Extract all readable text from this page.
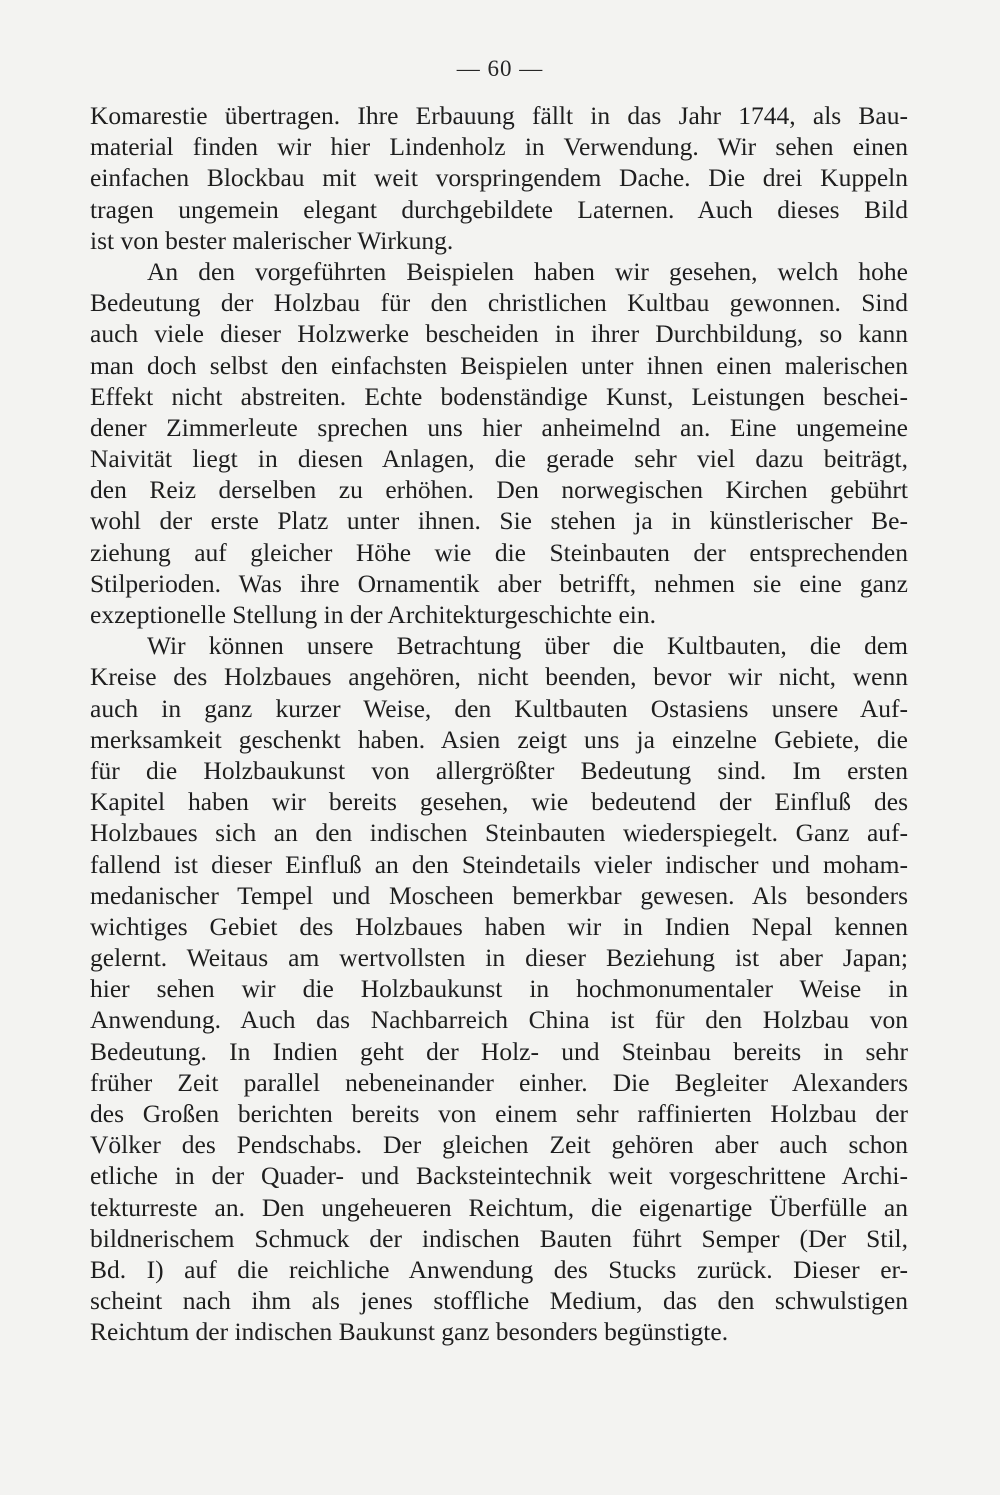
— 60 —
Komarestie übertragen. Ihre Erbauung fällt in das Jahr 1744, als Bau-
material finden wir hier Lindenholz in Verwendung. Wir sehen einen
einfachen Blockbau mit weit vorspringendem Dache. Die drei Kuppeln
tragen ungemein elegant durchgebildete Laternen. Auch dieses Bild
ist von bester malerischer Wirkung.
An den vorgeführten Beispielen haben wir gesehen, welch hohe
Bedeutung der Holzbau für den christlichen Kultbau gewonnen. Sind
auch viele dieser Holzwerke bescheiden in ihrer Durchbildung, so kann
man doch selbst den einfachsten Beispielen unter ihnen einen malerischen
Effekt nicht abstreiten. Echte bodenständige Kunst, Leistungen beschei-
dener Zimmerleute sprechen uns hier anheimelnd an. Eine ungemeine
Naivität liegt in diesen Anlagen, die gerade sehr viel dazu beiträgt,
den Reiz derselben zu erhöhen. Den norwegischen Kirchen gebührt
wohl der erste Platz unter ihnen. Sie stehen ja in künstlerischer Be-
ziehung auf gleicher Höhe wie die Steinbauten der entsprechenden
Stilperioden. Was ihre Ornamentik aber betrifft, nehmen sie eine ganz
exzeptionelle Stellung in der Architekturgeschichte ein.
Wir können unsere Betrachtung über die Kultbauten, die dem
Kreise des Holzbaues angehören, nicht beenden, bevor wir nicht, wenn
auch in ganz kurzer Weise, den Kultbauten Ostasiens unsere Auf-
merksamkeit geschenkt haben. Asien zeigt uns ja einzelne Gebiete, die
für die Holzbaukunst von allergrößter Bedeutung sind. Im ersten
Kapitel haben wir bereits gesehen, wie bedeutend der Einfluß des
Holzbaues sich an den indischen Steinbauten wiederspiegelt. Ganz auf-
fallend ist dieser Einfluß an den Steindetails vieler indischer und moham-
medanischer Tempel und Moscheen bemerkbar gewesen. Als besonders
wichtiges Gebiet des Holzbaues haben wir in Indien Nepal kennen
gelernt. Weitaus am wertvollsten in dieser Beziehung ist aber Japan;
hier sehen wir die Holzbaukunst in hochmonumentaler Weise in
Anwendung. Auch das Nachbarreich China ist für den Holzbau von
Bedeutung. In Indien geht der Holz- und Steinbau bereits in sehr
früher Zeit parallel nebeneinander einher. Die Begleiter Alexanders
des Großen berichten bereits von einem sehr raffinierten Holzbau der
Völker des Pendschabs. Der gleichen Zeit gehören aber auch schon
etliche in der Quader- und Backsteintechnik weit vorgeschrittene Archi-
tekturreste an. Den ungeheueren Reichtum, die eigenartige Überfülle an
bildnerischem Schmuck der indischen Bauten führt Semper (Der Stil,
Bd. I) auf die reichliche Anwendung des Stucks zurück. Dieser er-
scheint nach ihm als jenes stoffliche Medium, das den schwulstigen
Reichtum der indischen Baukunst ganz besonders begünstigte.
